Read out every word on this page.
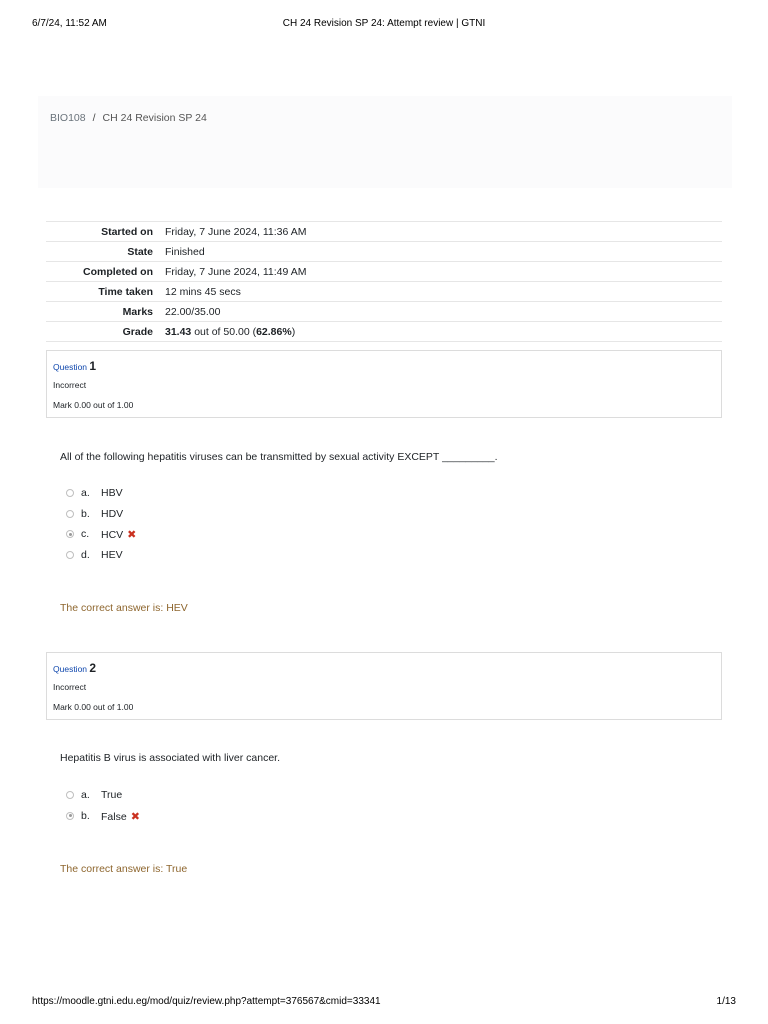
6/7/24, 11:52 AM	CH 24 Revision SP 24: Attempt review | GTNI
BIO108 / CH 24 Revision SP 24
Started on	Friday, 7 June 2024, 11:36 AM
State	Finished
Completed on	Friday, 7 June 2024, 11:49 AM
Time taken	12 mins 45 secs
Marks	22.00/35.00
Grade	31.43 out of 50.00 (62.86%)
Question 1
Incorrect
Mark 0.00 out of 1.00
All of the following hepatitis viruses can be transmitted by sexual activity EXCEPT _________.
a. HBV
b. HDV
c. HCV ✖
d. HEV
The correct answer is: HEV
Question 2
Incorrect
Mark 0.00 out of 1.00
Hepatitis B virus is associated with liver cancer.
a. True
b. False ✖
The correct answer is: True
https://moodle.gtni.edu.eg/mod/quiz/review.php?attempt=376567&cmid=33341	1/13
